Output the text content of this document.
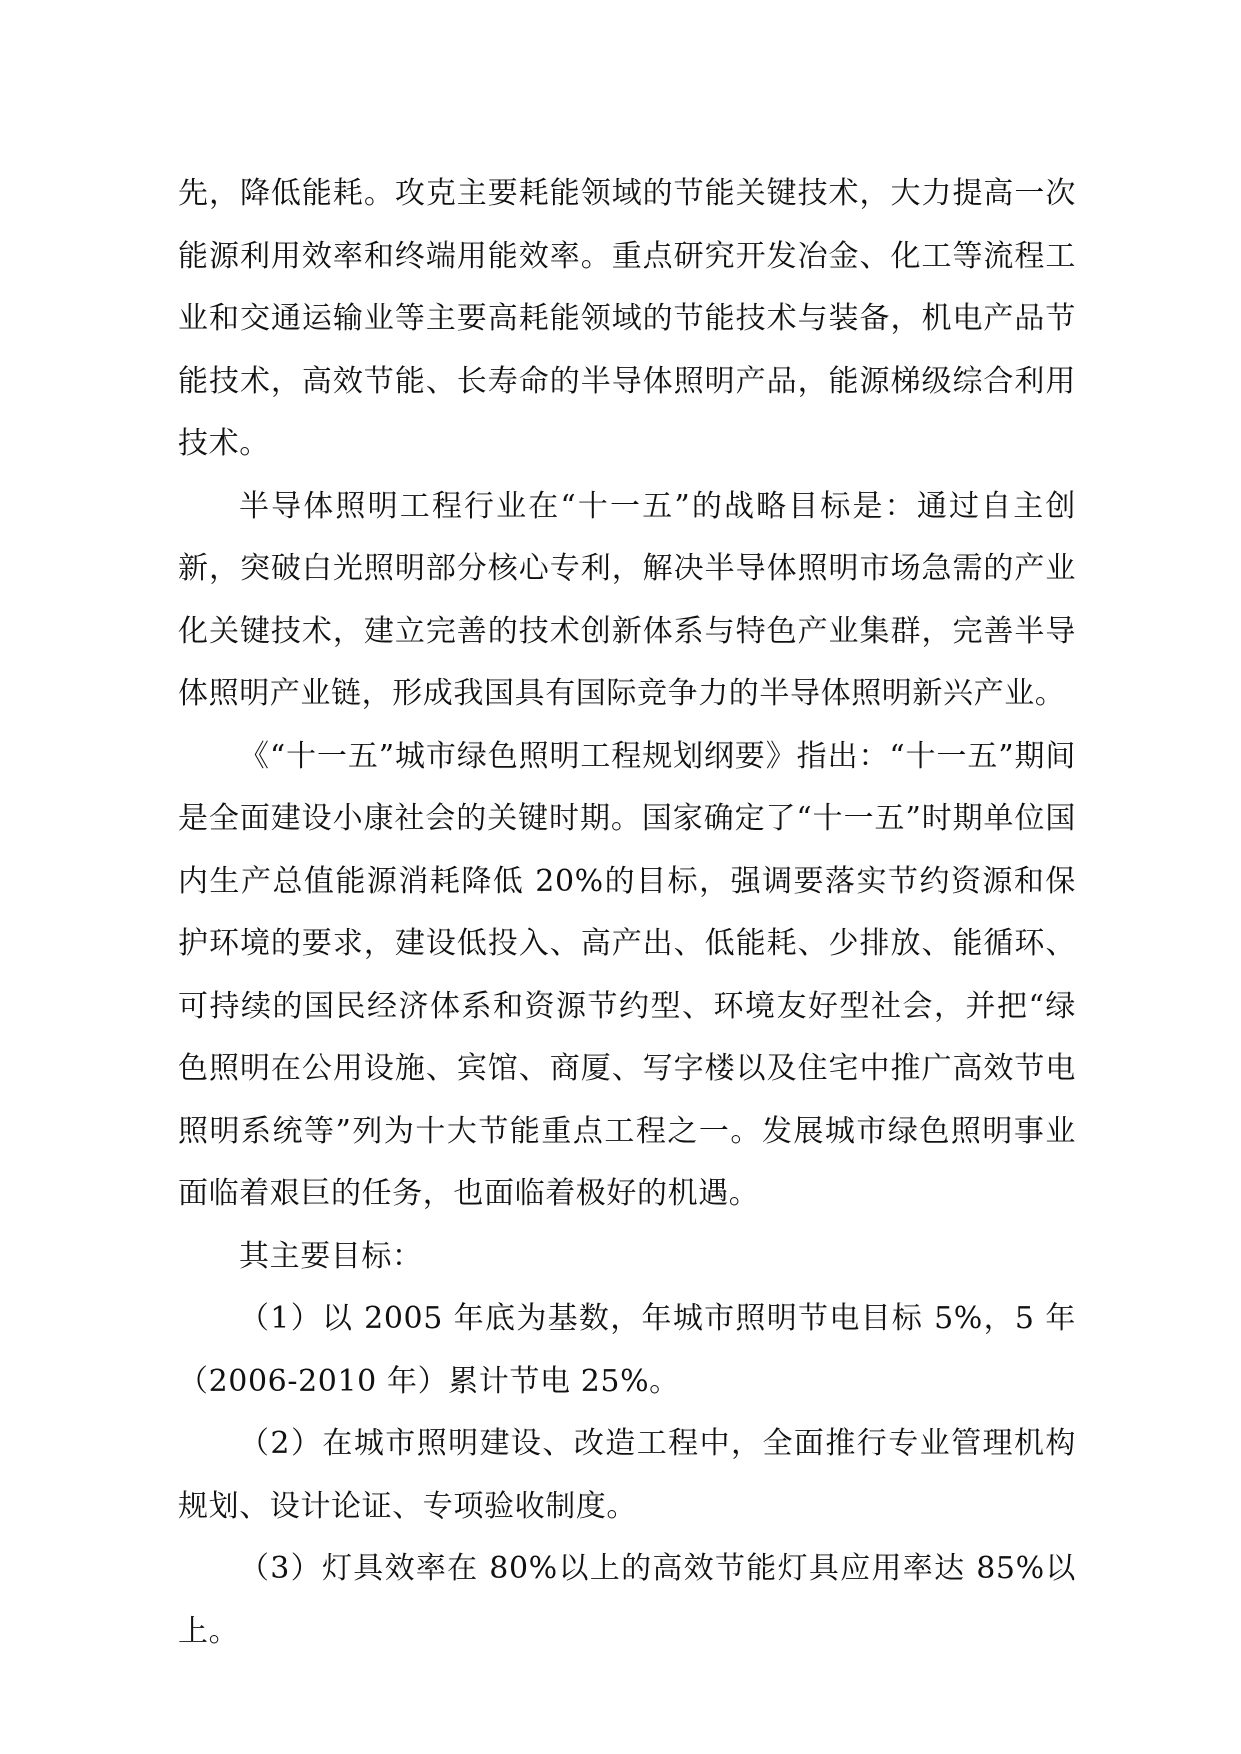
先，降低能耗。攻克主要耗能领域的节能关键技术，大力提高一次能源利用效率和终端用能效率。重点研究开发冶金、化工等流程工业和交通运输业等主要高耗能领域的节能技术与装备，机电产品节能技术，高效节能、长寿命的半导体照明产品，能源梯级综合利用技术。

半导体照明工程行业在“十一五”的战略目标是：通过自主创新，突破白光照明部分核心专利，解决半导体照明市场急需的产业化关键技术，建立完善的技术创新体系与特色产业集群，完善半导体照明产业链，形成我国具有国际竞争力的半导体照明新兴产业。

《“十一五”城市绿色照明工程规划纲要》指出：“十一五”期间是全面建设小康社会的关键时期。国家确定了“十一五”时期单位国内生产总值能源消耗降低 20%的目标，强调要落实节约资源和保护环境的要求，建设低投入、高产出、低能耗、少排放、能循环、可持续的国民经济体系和资源节约型、环境友好型社会，并把“绿色照明在公用设施、宾馆、商厦、写字楼以及住宅中推广高效节电照明系统等”列为十大节能重点工程之一。发展城市绿色照明事业面临着艰巨的任务，也面临着极好的机遇。

其主要目标：

（1）以 2005 年底为基数，年城市照明节电目标 5%，5 年（2006-2010 年）累计节电 25%。

（2）在城市照明建设、改造工程中，全面推行专业管理机构规划、设计论证、专项验收制度。

（3）灯具效率在 80%以上的高效节能灯具应用率达 85%以上。
